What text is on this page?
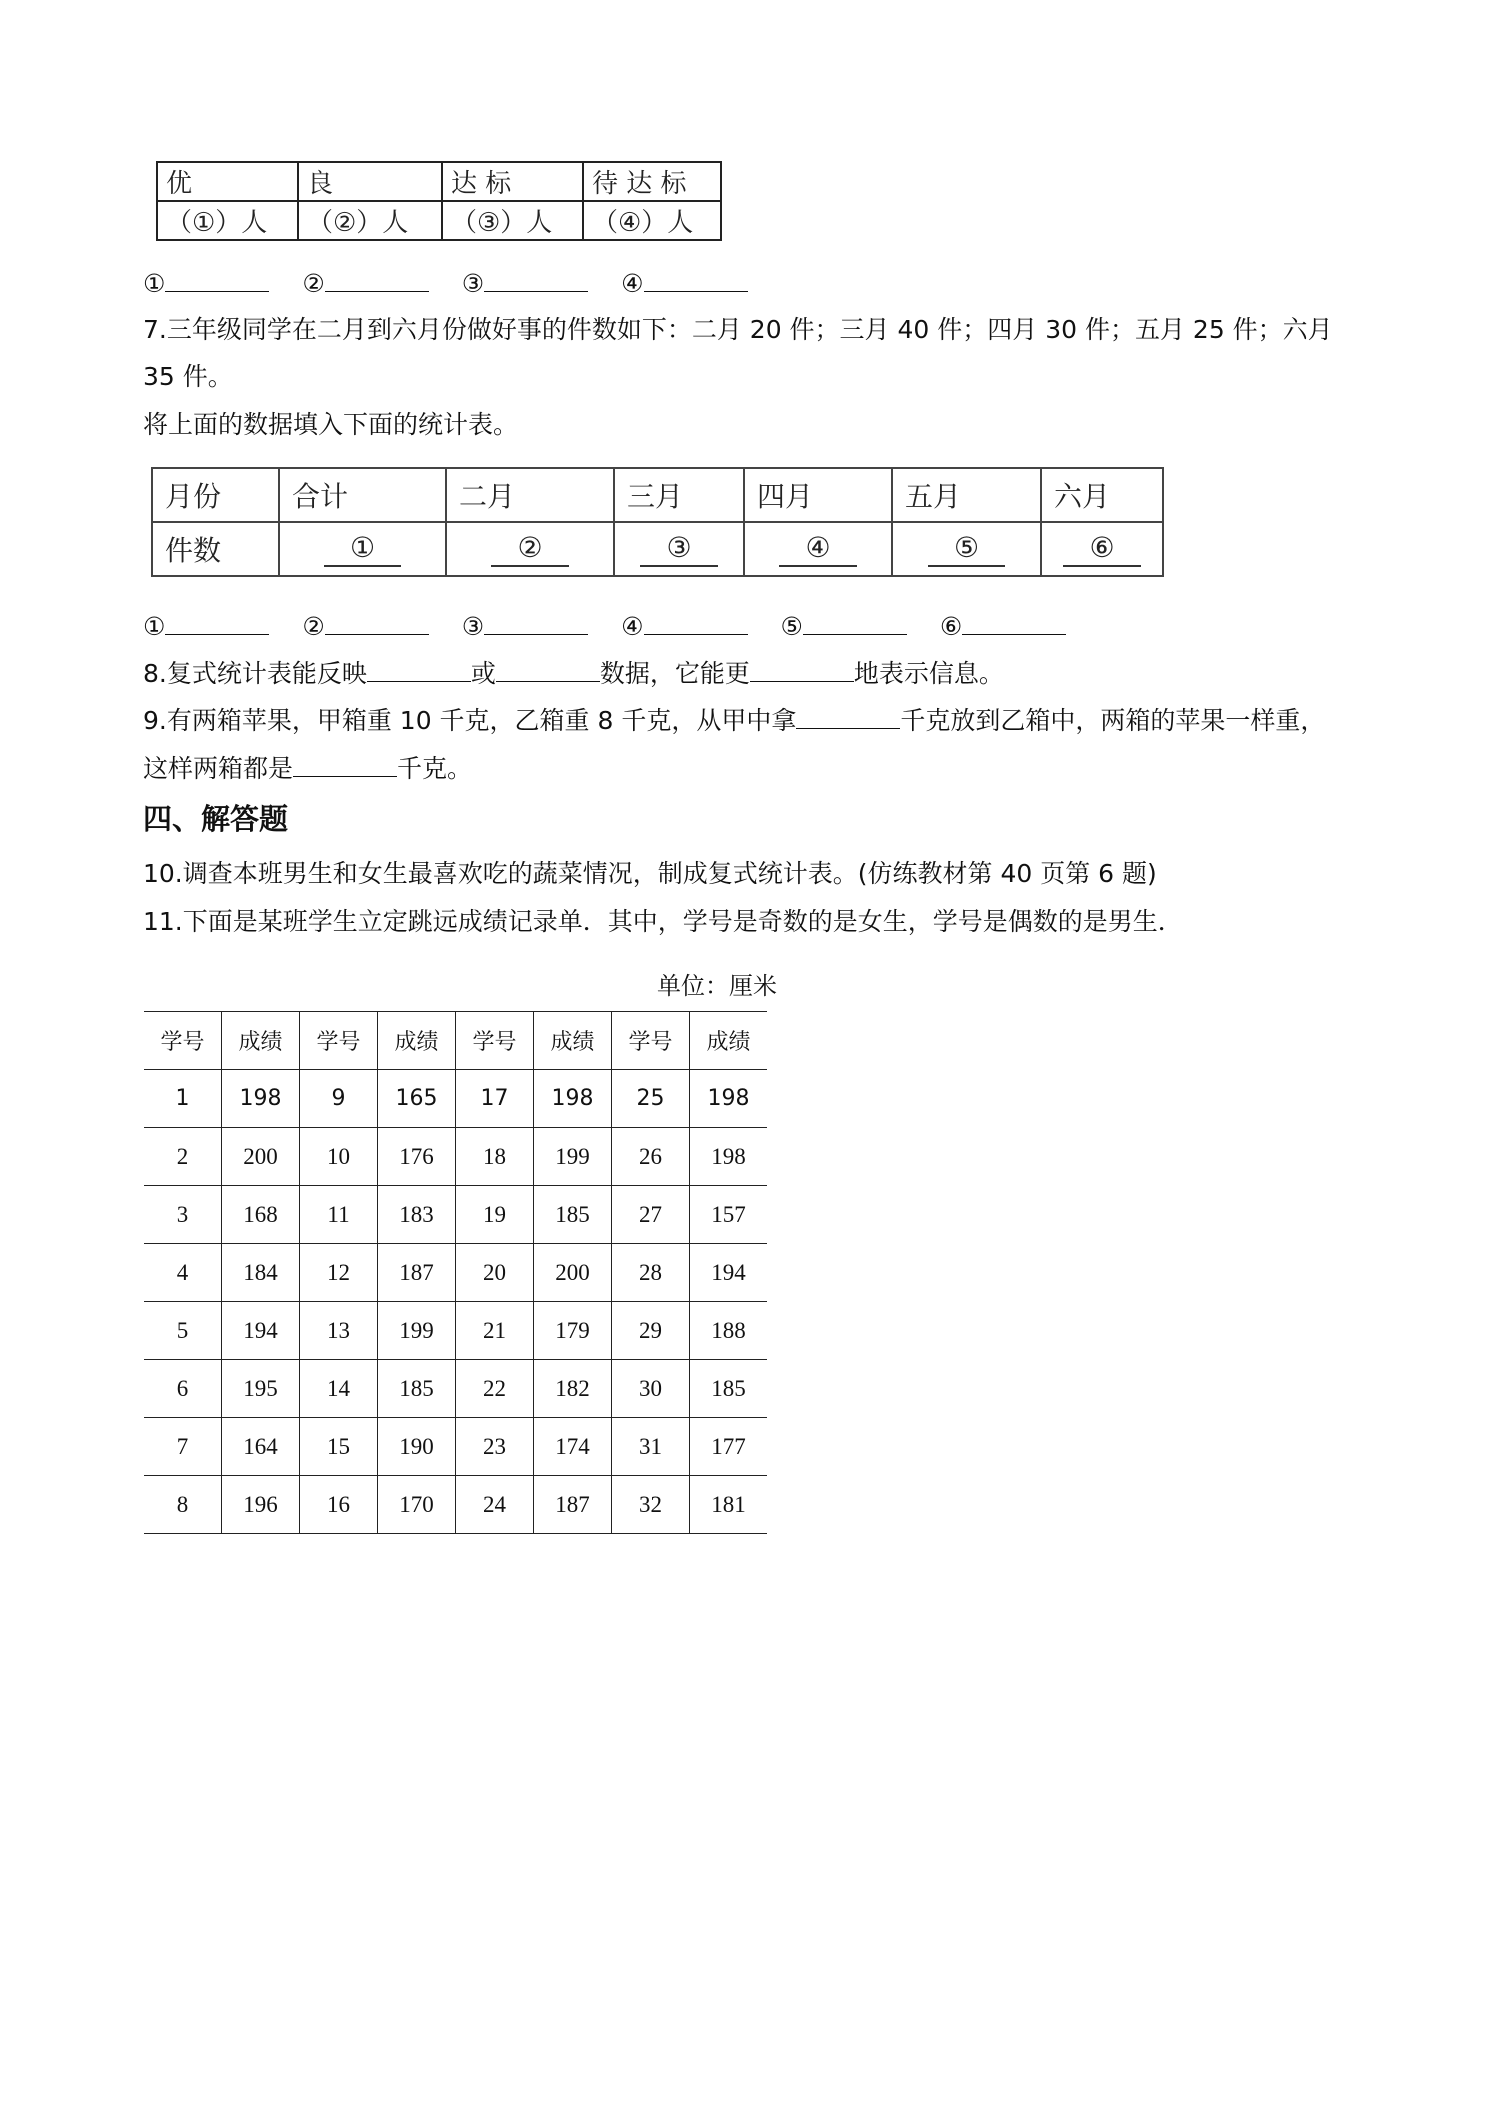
优	良	达 标	待 达 标
（①）人	（②）人	（③）人	（④）人
①	②	③	④
7.三年级同学在二月到六月份做好事的件数如下：二月 20 件；三月 40 件；四月 30 件；五月 25 件；六月
35 件。
将上面的数据填入下面的统计表。
月份	合计	二月	三月	四月	五月	六月
件数	①	②	③	④	⑤	⑥
①	②	③	④	⑤	⑥
8.复式统计表能反映	或	数据，它能更	地表示信息。
9.有两箱苹果，甲箱重 10 千克，乙箱重 8 千克，从甲中拿	千克放到乙箱中，两箱的苹果一样重，
这样两箱都是	千克。
四、解答题
10.调查本班男生和女生最喜欢吃的蔬菜情况，制成复式统计表。(仿练教材第 40 页第 6 题)
11.下面是某班学生立定跳远成绩记录单．其中，学号是奇数的是女生，学号是偶数的是男生．
单位：厘米
学号	成绩	学号	成绩	学号	成绩	学号	成绩
1	198	9	165	17	198	25	198
2	200	10	176	18	199	26	198
3	168	11	183	19	185	27	157
4	184	12	187	20	200	28	194
5	194	13	199	21	179	29	188
6	195	14	185	22	182	30	185
7	164	15	190	23	174	31	177
8	196	16	170	24	187	32	181
